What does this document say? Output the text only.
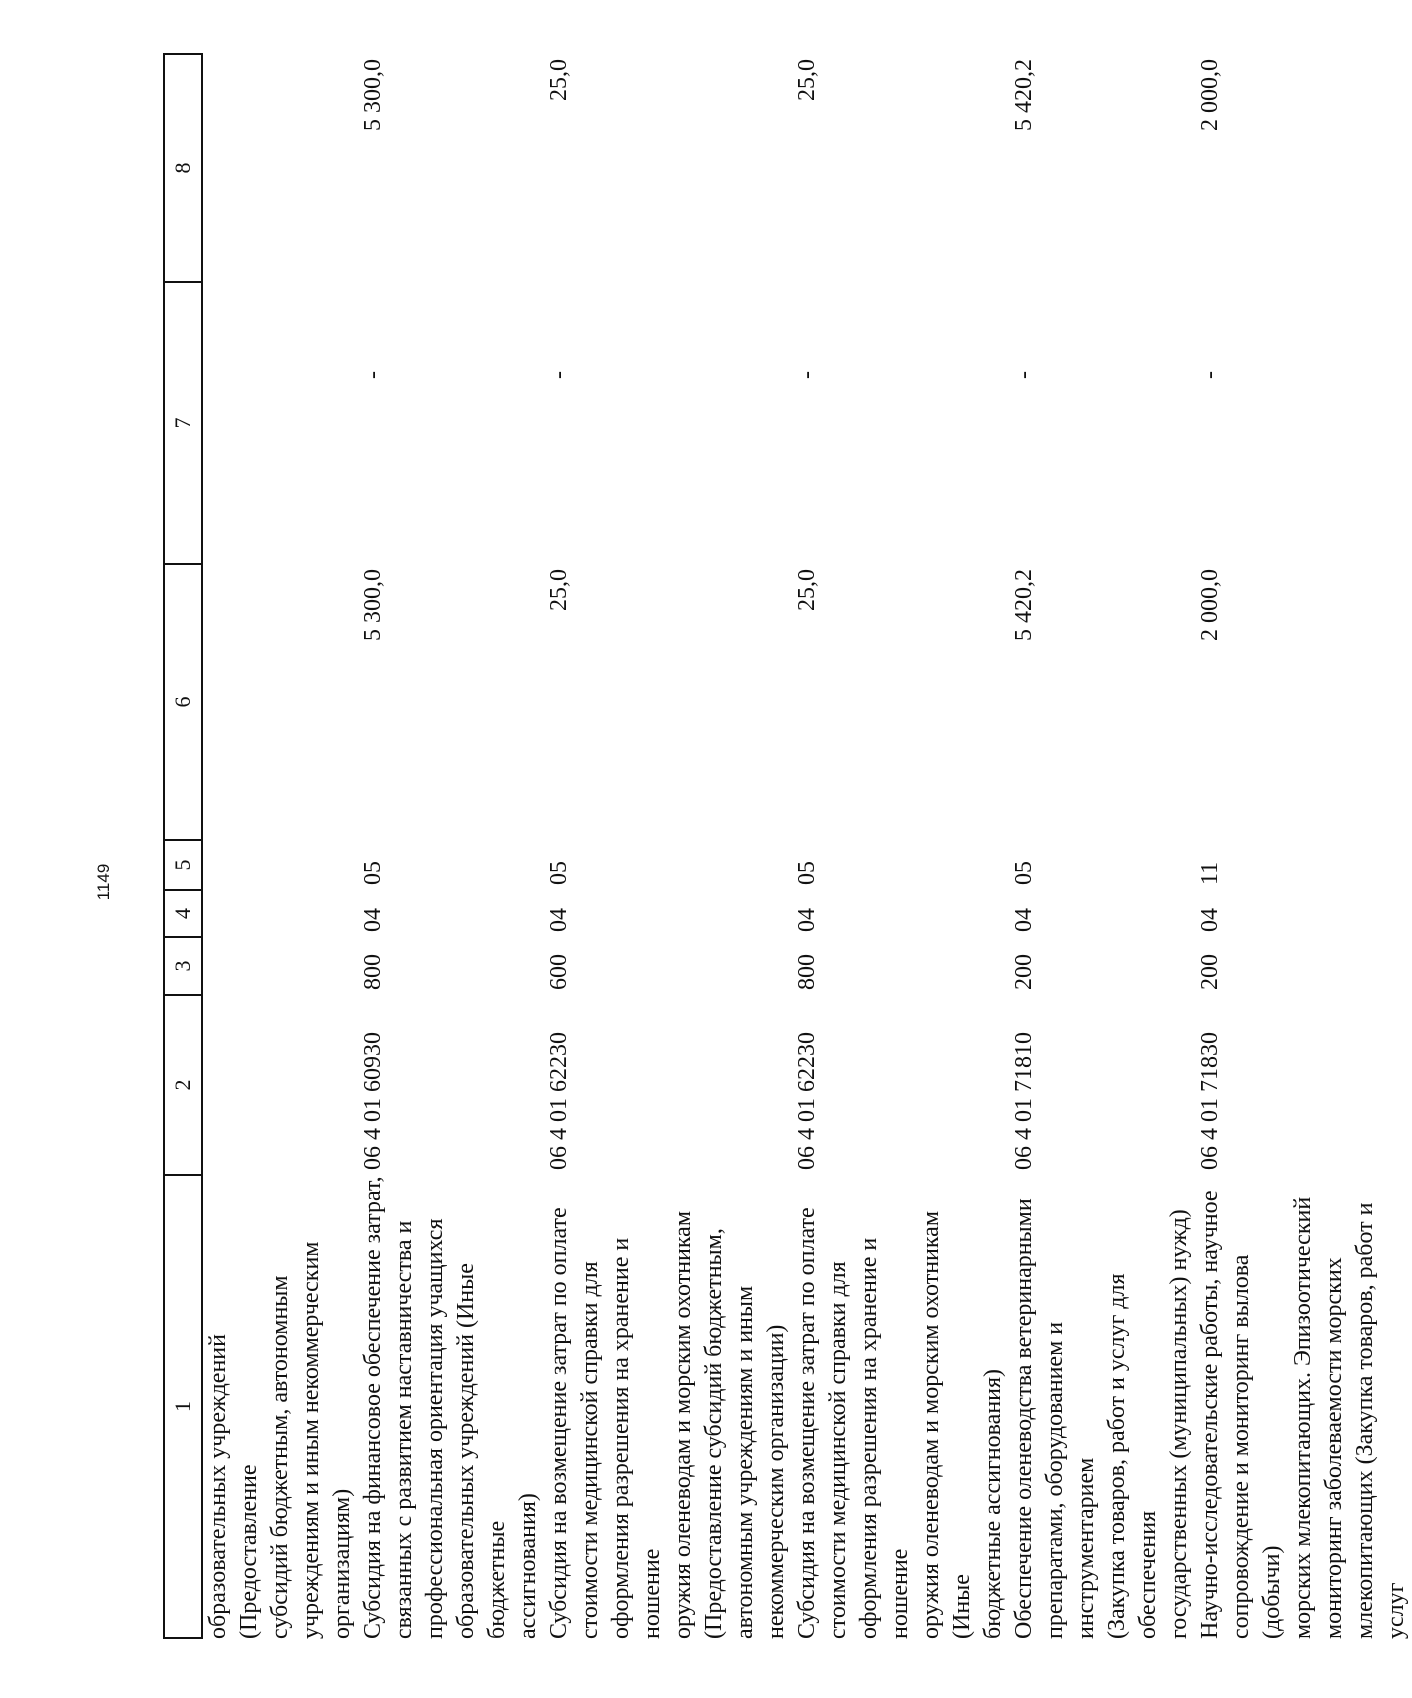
1149
1
2
3
4
5
6
7
8
образовательных учреждений (Предоставление
субсидий бюджетным, автономным
учреждениям и иным некоммерческим
организациям) Субсидия на финансовое обеспечение затрат,
связанных с развитием наставничества и
профессиональная ориентация учащихся
образовательных учреждений (Иные бюджетные
ассигнования)
06 4 01 60930
800
04
05
5 300,0
-
5 300,0
Субсидия на возмещение затрат по оплате
стоимости медицинской справки для
оформления разрешения на хранение и ношение
оружия оленеводам и морским охотникам
(Предоставление субсидий бюджетным,
автономным учреждениям и иным
некоммерческим организации)
06 4 01 62230
600
04
05
25,0
-
25,0
Субсидия на возмещение затрат по оплате
стоимости медицинской справки для
оформления разрешения на хранение и ношение
оружия оленеводам и морским охотникам (Иные
бюджетные ассигнования)
06 4 01 62230
800
04
05
25,0
-
25,0
Обеспечение оленеводства ветеринарными
препаратами, оборудованием и инструментарием
(Закупка товаров, работ и услуг для обеспечения
государственных (муниципальных) нужд)
06 4 01 71810
200
04
05
5 420,2
-
5 420,2
Научно-исследовательские работы, научное
сопровождение и мониторинг вылова (добычи)
морских млекопитающих. Эпизоотический
мониторинг заболеваемости морских
млекопитающих (Закупка товаров, работ и услуг
06 4 01 71830
200
04
11
2 000,0
-
2 000,0
